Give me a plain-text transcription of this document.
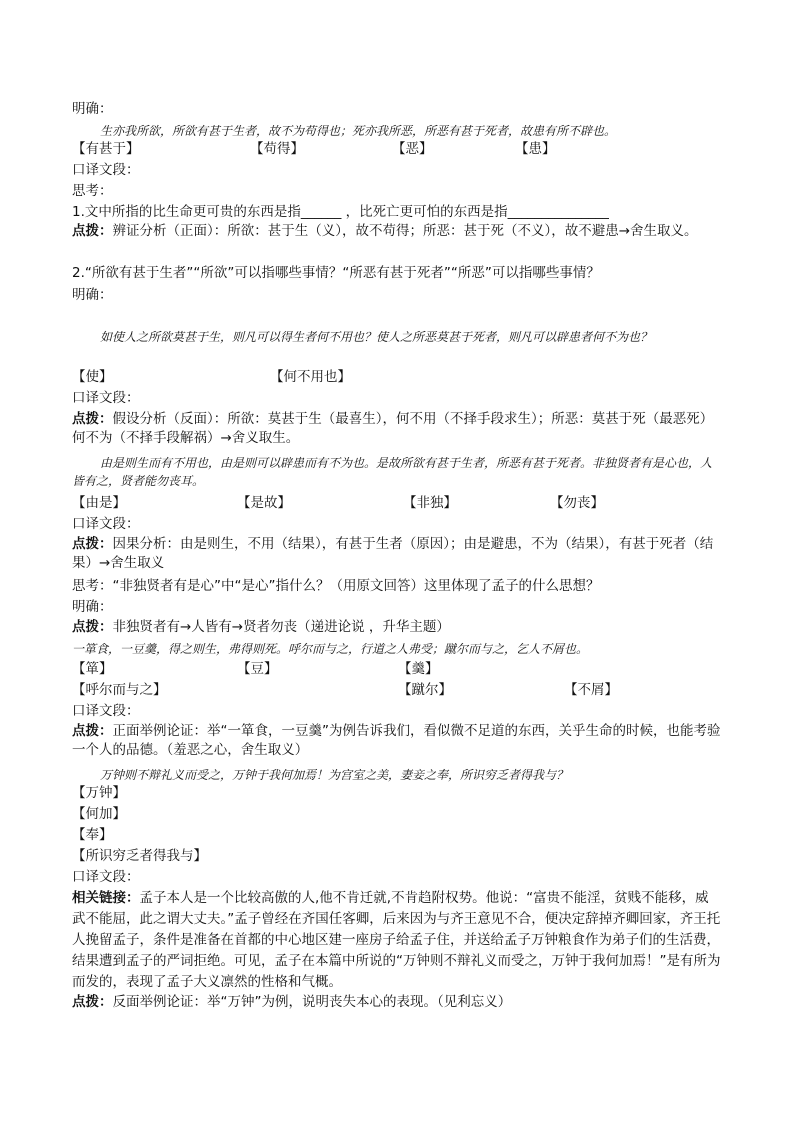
明确：
生亦我所欲，所欲有甚于生者，故不为苟得也；死亦我所恶，所恶有甚于死者，故患有所不辟也。
【有甚于】	【苟得】	【恶】	【患】
口译文段：
思考：
1.文中所指的比生命更可贵的东西是指______ ，比死亡更可怕的东西是指_______________
点拨：辨证分析（正面）：所欲：甚于生（义），故不苟得；所恶：甚于死（不义），故不避患→舍生取义。
2.“所欲有甚于生者”“所欲”可以指哪些事情？“所恶有甚于死者”“所恶”可以指哪些事情？
明确：
如使人之所欲莫甚于生，则凡可以得生者何不用也？使人之所恶莫甚于死者，则凡可以辟患者何不为也？
【使】	【何不用也】
口译文段：
点拨：假设分析（反面）：所欲：莫甚于生（最喜生），何不用（不择手段求生）；所恶：莫甚于死（最恶死）何不为（不择手段解祸）→舍义取生。
由是则生而有不用也，由是则可以辟患而有不为也。是故所欲有甚于生者，所恶有甚于死者。非独贤者有是心也，人皆有之，贤者能勿丧耳。
【由是】	【是故】	【非独】	【勿丧】
口译文段：
点拨：因果分析：由是则生，不用（结果），有甚于生者（原因）；由是避患，不为（结果），有甚于死者（结果）→舍生取义
思考：“非独贤者有是心”中“是心”指什么？（用原文回答）这里体现了孟子的什么思想？
明确：
点拨：非独贤者有→人皆有→贤者勿丧（递进论说 ，升华主题）
一箪食，一豆羹，得之则生，弗得则死。呼尔而与之，行道之人弗受；蹴尔而与之，乞人不屑也。
【箪】	【豆】	【羹】
【呼尔而与之】	【蹴尔】	【不屑】
口译文段：
点拨：正面举例论证：举“一箪食，一豆羹”为例告诉我们，看似微不足道的东西，关乎生命的时候，也能考验一个人的品德。（羞恶之心，舍生取义）
万钟则不辩礼义而受之，万钟于我何加焉！为宫室之美，妻妾之奉，所识穷乏者得我与？
【万钟】
【何加】
【奉】
【所识穷乏者得我与】
口译文段：
相关链接：孟子本人是一个比较高傲的人,他不肯迁就,不肯趋附权势。他说：“富贵不能淫，贫贱不能移，威武不能屈，此之谓大丈夫。”孟子曾经在齐国任客卿，后来因为与齐王意见不合，便决定辞掉齐卿回家，齐王托人挽留孟子，条件是准备在首都的中心地区建一座房子给孟子住，并送给孟子万钟粮食作为弟子们的生活费，结果遭到孟子的严词拒绝。可见，孟子在本篇中所说的“万钟则不辩礼义而受之，万钟于我何加焉！”是有所为而发的，表现了孟子大义凛然的性格和气概。
点拨：反面举例论证：举“万钟”为例，说明丧失本心的表现。（见利忘义）
